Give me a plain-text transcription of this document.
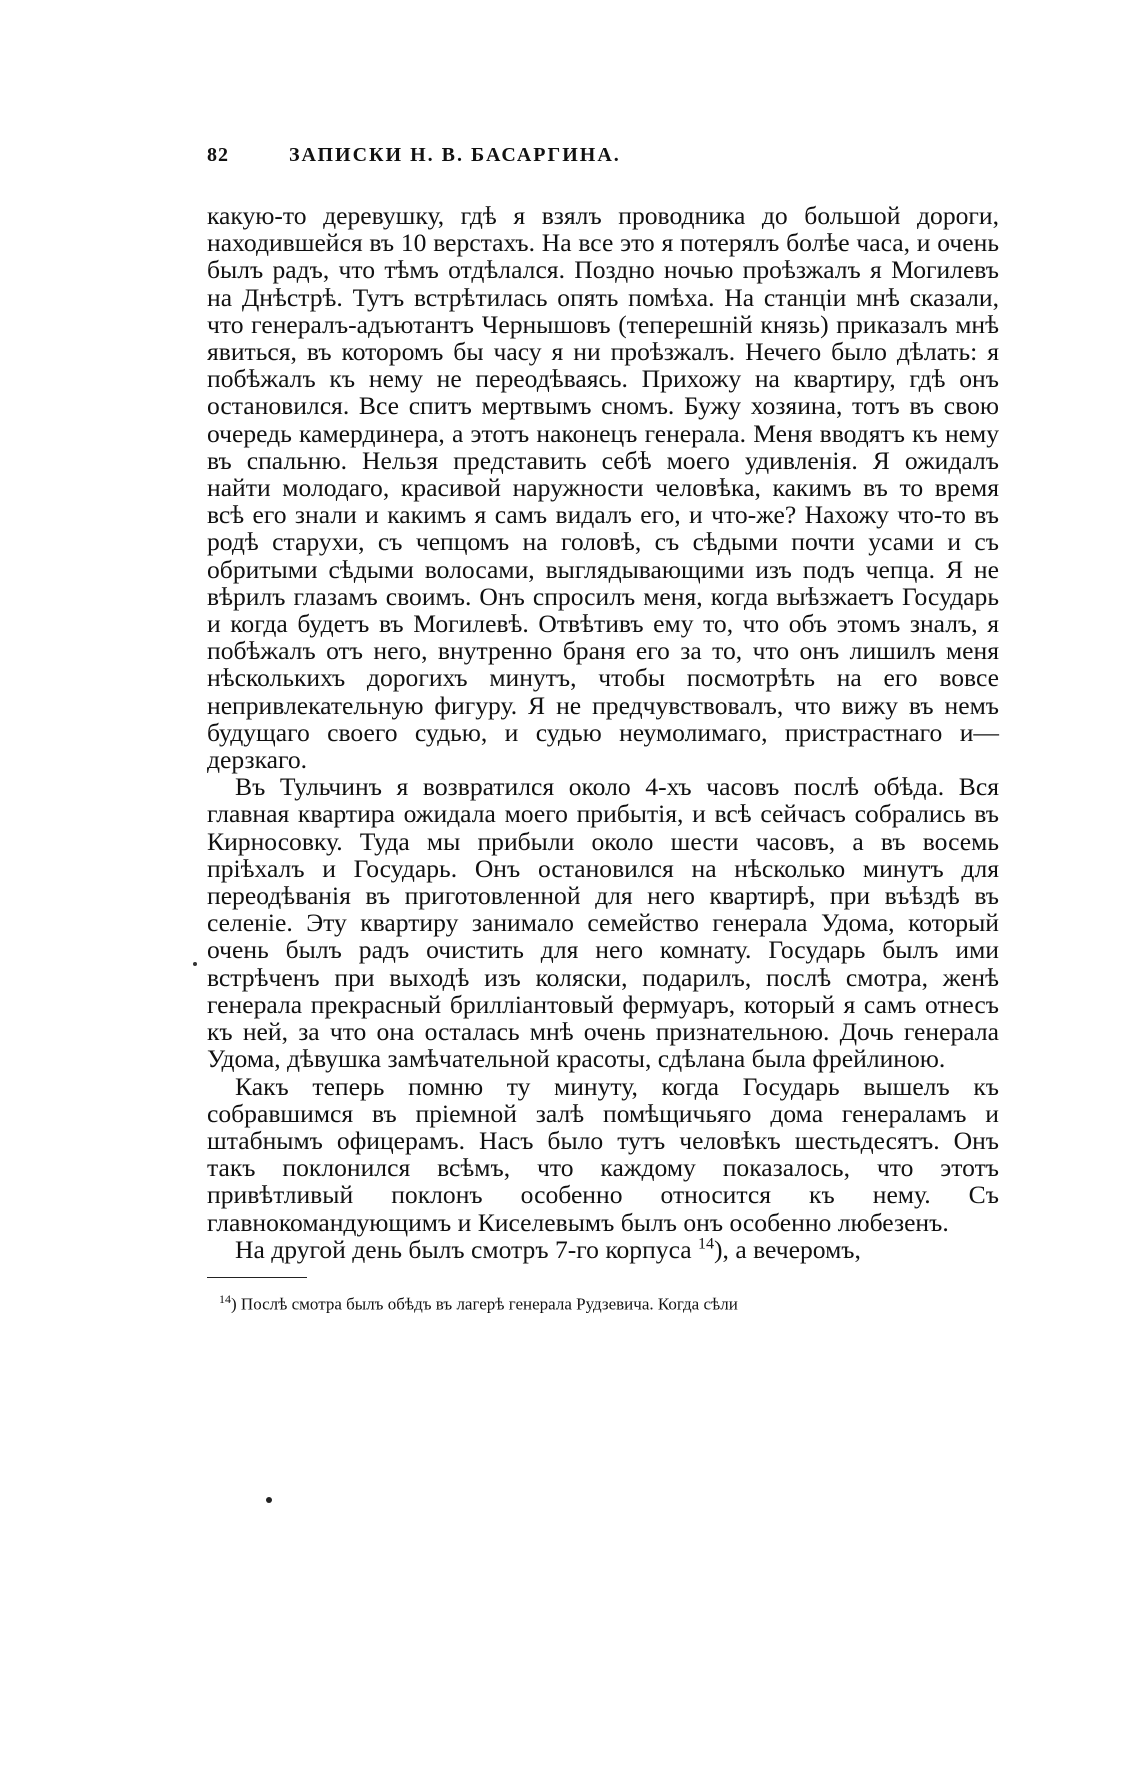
82	ЗАПИСКИ Н. В. БАСАРГИНА.

какую-то деревушку, гдѣ я взялъ проводника до большой дороги, находившейся въ 10 верстахъ. На все это я потерялъ болѣе часа, и очень былъ радъ, что тѣмъ отдѣлался. Поздно ночью проѣзжалъ я Могилевъ на Днѣстрѣ. Тутъ встрѣтилась опять помѣха. На станціи мнѣ сказали, что генералъ-адъютантъ Чернышовъ (теперешній князь) приказалъ мнѣ явиться, въ которомъ бы часу я ни проѣзжалъ. Нечего было дѣлать: я побѣжалъ къ нему не переодѣваясь. Прихожу на квартиру, гдѣ онъ остановился. Все спитъ мертвымъ сномъ. Бужу хозяина, тотъ въ свою очередь камердинера, а этотъ наконецъ генерала. Меня вводятъ къ нему въ спальню. Нельзя представить себѣ моего удивленія. Я ожидалъ найти молодаго, красивой наружности человѣка, какимъ въ то время всѣ его знали и какимъ я самъ видалъ его, и что-же? Нахожу что-то въ родѣ старухи, съ чепцомъ на головѣ, съ сѣдыми почти усами и съ обритыми сѣдыми волосами, выглядывающими изъ подъ чепца. Я не вѣрилъ глазамъ своимъ. Онъ спросилъ меня, когда выѣзжаетъ Государь и когда будетъ въ Могилевѣ. Отвѣтивъ ему то, что объ этомъ зналъ, я побѣжалъ отъ него, внутренно браня его за то, что онъ лишилъ меня нѣсколькихъ дорогихъ минутъ, чтобы посмотрѣть на его вовсе непривлекательную фигуру. Я не предчувствовалъ, что вижу въ немъ будущаго своего судью, и судью неумолимаго, пристрастнаго и—дерзкаго.

Въ Тульчинъ я возвратился около 4-хъ часовъ послѣ обѣда. Вся главная квартира ожидала моего прибытія, и всѣ сейчасъ собрались въ Кирносовку. Туда мы прибыли около шести часовъ, а въ восемь пріѣхалъ и Государь. Онъ остановился на нѣсколько минутъ для переодѣванія въ приготовленной для него квартирѣ, при въѣздѣ въ селеніе. Эту квартиру занимало семейство генерала Удома, который очень былъ радъ очистить для него комнату. Государь былъ ими встрѣченъ при выходѣ изъ коляски, подарилъ, послѣ смотра, женѣ генерала прекрасный бриллiантовый фермуаръ, который я самъ отнесъ къ ней, за что она осталась мнѣ очень признательною. Дочь генерала Удома, дѣвушка замѣчательной красоты, сдѣлана была фрейлиною.

Какъ теперь помню ту минуту, когда Государь вышелъ къ собравшимся въ пріемной залѣ помѣщичьяго дома генераламъ и штабнымъ офицерамъ. Насъ было тутъ человѣкъ шестьдесятъ. Онъ такъ поклонился всѣмъ, что каждому показалось, что этотъ привѣтливый поклонъ особенно относится къ нему. Съ главнокомандующимъ и Киселевымъ былъ онъ особенно любезенъ.

На другой день былъ смотръ 7-го корпуса $^{14}$), а вечеромъ,

$^{14}$) Послѣ смотра былъ обѣдъ въ лагерѣ генерала Рудзевича. Когда сѣли
